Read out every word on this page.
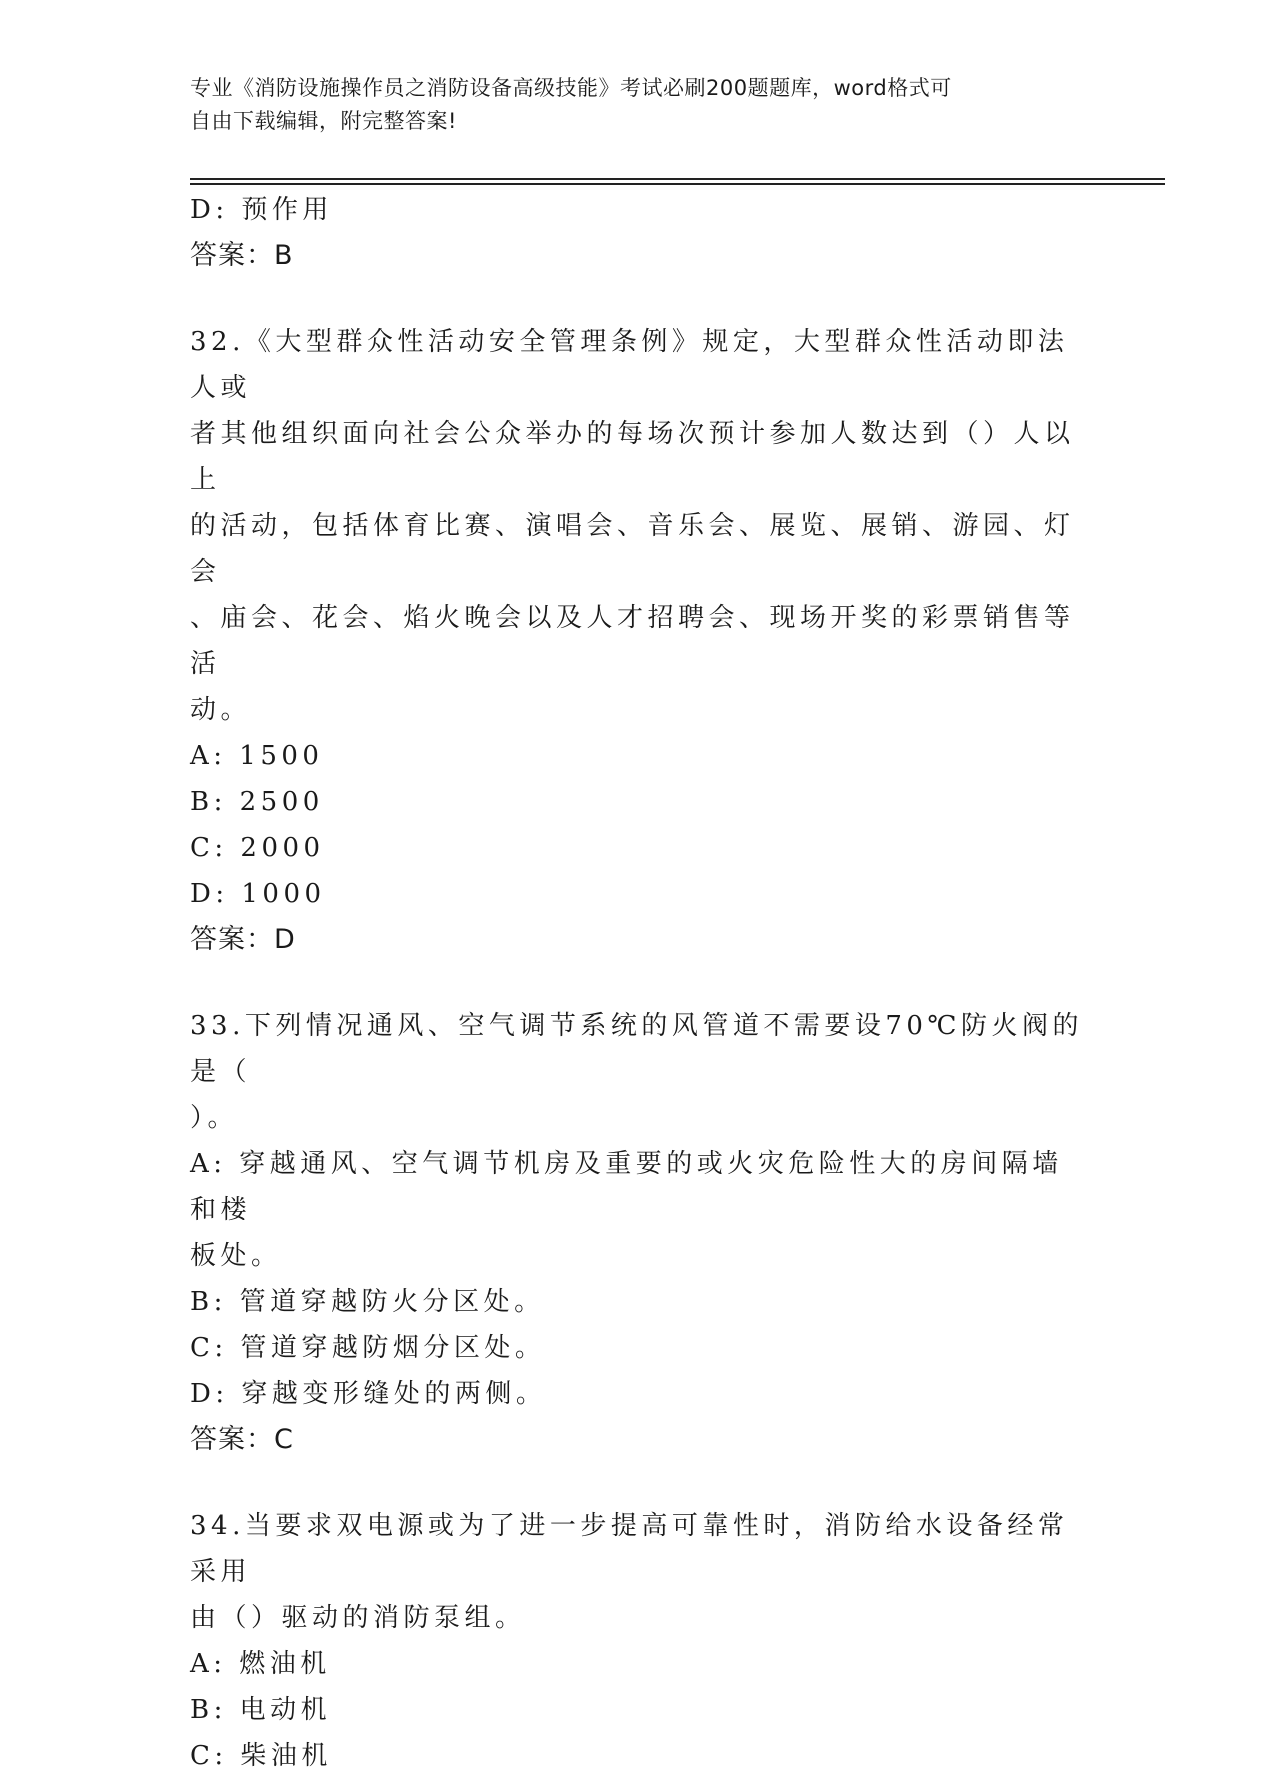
专业《消防设施操作员之消防设备高级技能》考试必刷200题题库，word格式可
自由下载编辑，附完整答案!
D: 预作用
答案：B
32.《大型群众性活动安全管理条例》规定，大型群众性活动即法人或
者其他组织面向社会公众举办的每场次预计参加人数达到（）人以上
的活动，包括体育比赛、演唱会、音乐会、展览、展销、游园、灯会
、庙会、花会、焰火晚会以及人才招聘会、现场开奖的彩票销售等活
动。
A: 1500
B: 2500
C: 2000
D: 1000
答案：D
33.下列情况通风、空气调节系统的风管道不需要设70℃防火阀的是（
）。
A: 穿越通风、空气调节机房及重要的或火灾危险性大的房间隔墙和楼
板处。
B: 管道穿越防火分区处。
C: 管道穿越防烟分区处。
D: 穿越变形缝处的两侧。
答案：C
34.当要求双电源或为了进一步提高可靠性时，消防给水设备经常采用
由（）驱动的消防泵组。
A: 燃油机
B: 电动机
C: 柴油机
